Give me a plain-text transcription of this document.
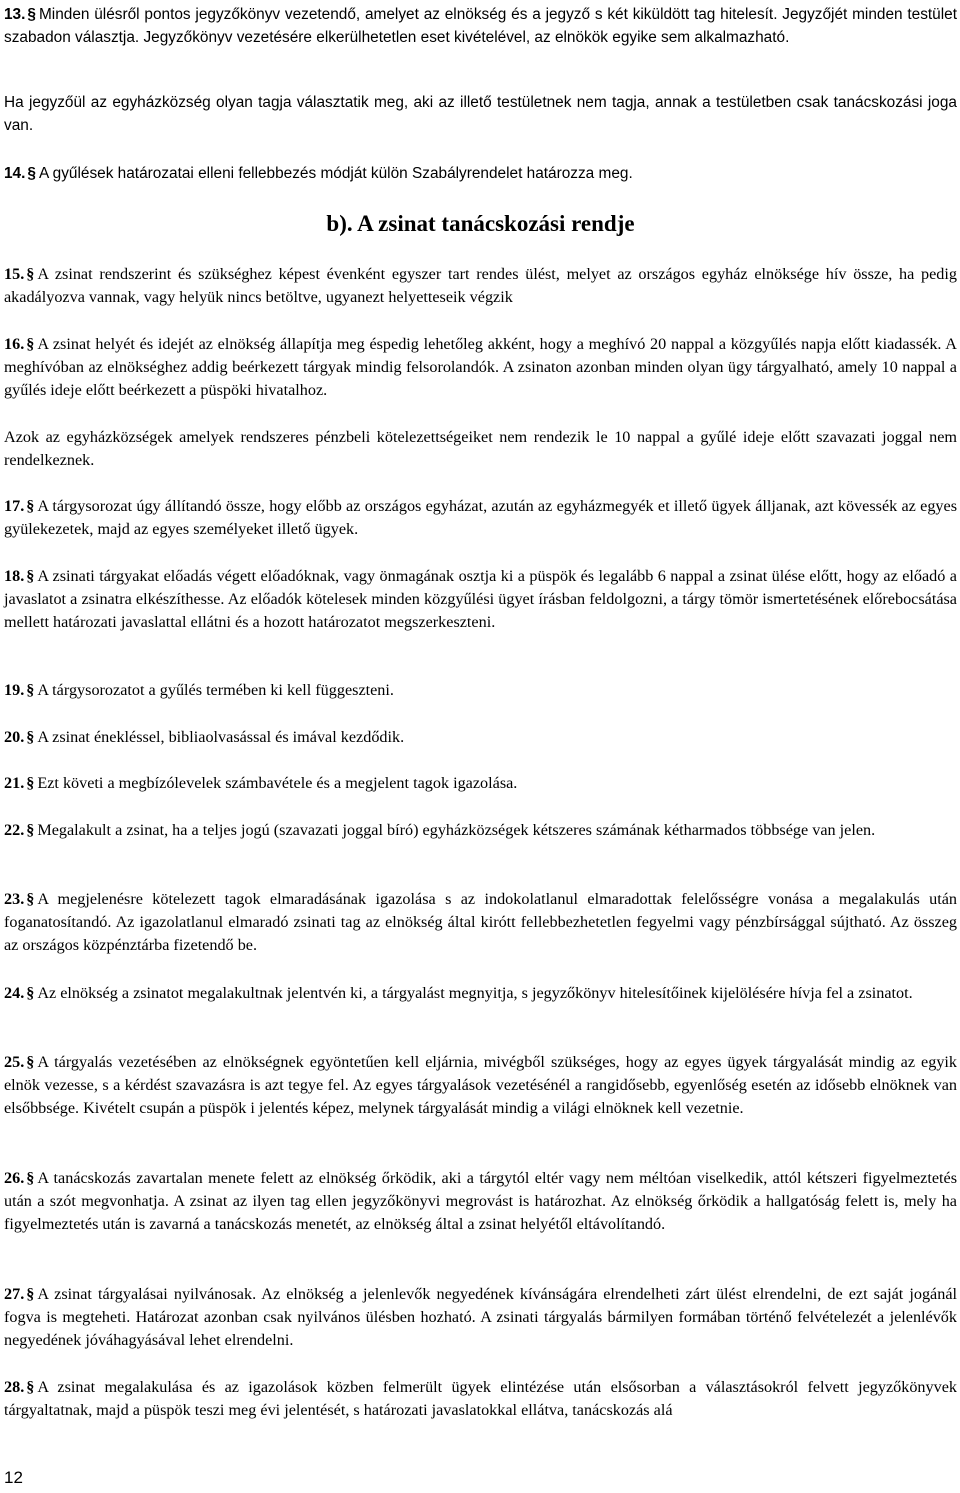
13. § Minden ülésről pontos jegyzőkönyv vezetendő, amelyet az elnökség és a jegyző s két kiküldött tag hitelesít. Jegyzőjét minden testület szabadon választja. Jegyzőkönyv vezetésére elkerülhetetlen eset kivételével, az elnökök egyike sem alkalmazható.

Ha jegyzőül az egyházközség olyan tagja választatik meg, aki az illető testületnek nem tagja, annak a testületben csak tanácskozási joga van.

14. § A gyűlések határozatai elleni fellebbezés módját külön Szabályrendelet határozza meg.

b). A zsinat tanácskozási rendje

15. § A zsinat rendszerint és szükséghez képest évenként egyszer tart rendes ülést, melyet az országos egyház elnöksége hív össze, ha pedig akadályozva vannak, vagy helyük nincs betöltve, ugyanezt helyetteseik végzik

16. § A zsinat helyét és idejét az elnökség állapítja meg éspedig lehetőleg akként, hogy a meghívó 20 nappal a közgyűlés napja előtt kiadassék. A meghívóban az elnökséghez addig beérkezett tárgyak mindig felsorolandók. A zsinaton azonban minden olyan ügy tárgyalható, amely 10 nappal a gyűlés ideje előtt beérkezett a püspöki hivatalhoz.

Azok az egyházközségek amelyek rendszeres pénzbeli kötelezettségeiket nem rendezik le 10 nappal a gyűlé ideje előtt szavazati joggal nem rendelkeznek.

17. § A tárgysorozat úgy állítandó össze, hogy előbb az országos egyházat, azután az egyházmegyék et illető ügyek álljanak, azt kövessék az egyes gyülekezetek, majd az egyes személyeket illető ügyek.

18. § A zsinati tárgyakat előadás végett előadóknak, vagy önmagának osztja ki a püspök és legalább 6 nappal a zsinat ülése előtt, hogy az előadó a javaslatot a zsinatra elkészíthesse. Az előadók kötelesek minden közgyűlési ügyet írásban feldolgozni, a tárgy tömör ismertetésének előrebocsátása mellett határozati javaslattal ellátni és a hozott határozatot megszerkeszteni.

19. § A tárgysorozatot a gyűlés termében ki kell függeszteni.

20. § A zsinat énekléssel, bibliaolvasással és imával kezdődik.

21. § Ezt követi a megbízólevelek számbavétele és a megjelent tagok igazolása.

22. § Megalakult a zsinat, ha a teljes jogú (szavazati joggal bíró) egyházközségek kétszeres számának kétharmados többsége van jelen.

23. § A megjelenésre kötelezett tagok elmaradásának igazolása s az indokolatlanul elmaradottak felelősségre vonása a megalakulás után foganatosítandó. Az igazolatlanul elmaradó zsinati tag az elnökség által kirótt fellebbezhetetlen fegyelmi vagy pénzbírsággal sújtható. Az összeg az országos közpénztárba fizetendő be.

24. § Az elnökség a zsinatot megalakultnak jelentvén ki, a tárgyalást megnyitja, s jegyzőkönyv hitelesítőinek kijelölésére hívja fel a zsinatot.

25. § A tárgyalás vezetésében az elnökségnek egyöntetűen kell eljárnia, mivégből szükséges, hogy az egyes ügyek tárgyalását mindig az egyik elnök vezesse, s a kérdést szavazásra is azt tegye fel. Az egyes tárgyalások vezetésénél a rangidősebb, egyenlőség esetén az idősebb elnöknek van elsőbbsége. Kivételt csupán a püspök i jelentés képez, melynek tárgyalását mindig a világi elnöknek kell vezetnie.

26. § A tanácskozás zavartalan menete felett az elnökség őrködik, aki a tárgytól eltér vagy nem méltóan viselkedik, attól kétszeri figyelmeztetés után a szót megvonhatja. A zsinat az ilyen tag ellen jegyzőkönyvi megrovást is határozhat. Az elnökség őrködik a hallgatóság felett is, mely ha figyelmeztetés után is zavarná a tanácskozás menetét, az elnökség által a zsinat helyétől eltávolítandó.

27. § A zsinat tárgyalásai nyilvánosak. Az elnökség a jelenlevők negyedének kívánságára elrendelheti zárt ülést elrendelni, de ezt saját jogánál fogva is megteheti. Határozat azonban csak nyilvános ülésben hozható. A zsinati tárgyalás bármilyen formában történő felvételezét a jelenlévők negyedének jóváhagyásával lehet elrendelni.

28. § A zsinat megalakulása és az igazolások közben felmerült ügyek elintézése után elsősorban a választásokról felvett jegyzőkönyvek tárgyaltatnak, majd a püspök teszi meg évi jelentését, s határozati javaslatokkal ellátva, tanácskozás alá

12
